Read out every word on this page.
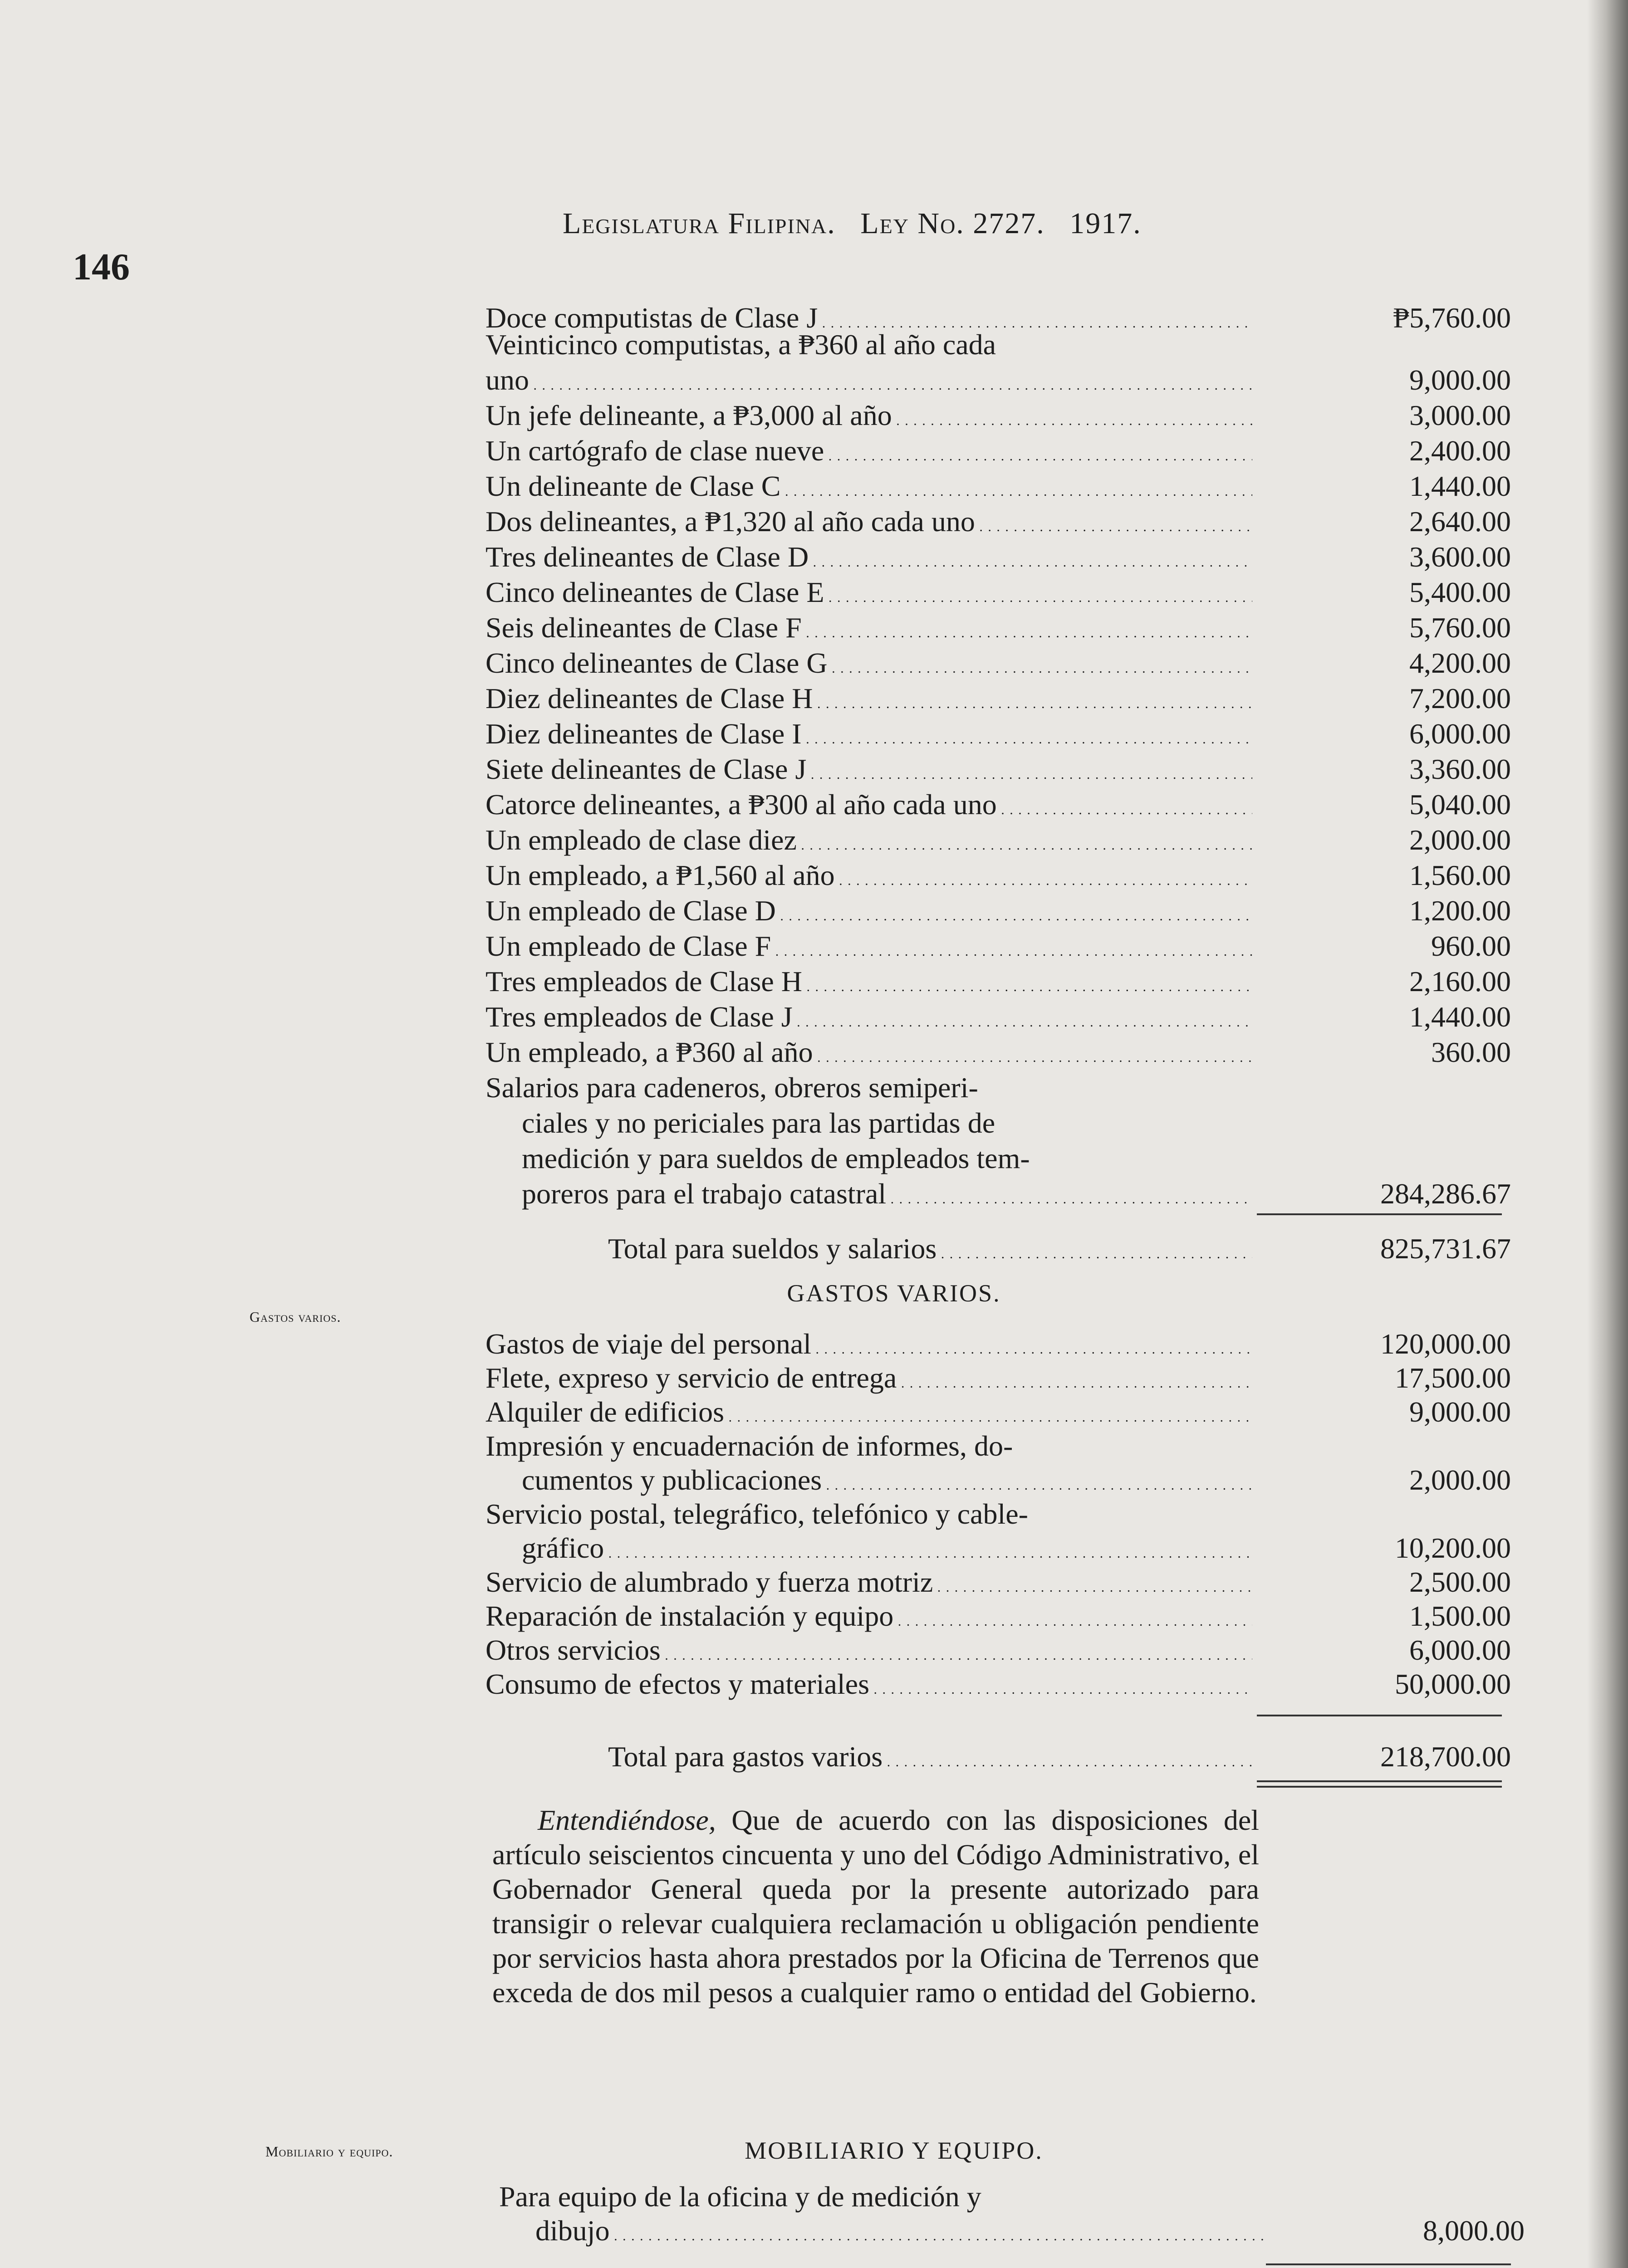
146
Legislatura Filipina. Ley No. 2727. 1917.
Doce computistas de Clase J . . .	₱5,760.00
Veinticinco computistas, a ₱360 al año cada
uno . . .	9,000.00
Un jefe delineante, a ₱3,000 al año . . .	3,000.00
Un cartógrafo de clase nueve . . .	2,400.00
Un delineante de Clase C . . .	1,440.00
Dos delineantes, a ₱1,320 al año cada uno . . .	2,640.00
Tres delineantes de Clase D . . .	3,600.00
Cinco delineantes de Clase E . . .	5,400.00
Seis delineantes de Clase F . . .	5,760.00
Cinco delineantes de Clase G . . .	4,200.00
Diez delineantes de Clase H . . .	7,200.00
Diez delineantes de Clase I . . .	6,000.00
Siete delineantes de Clase J . . .	3,360.00
Catorce delineantes, a ₱300 al año cada uno . . .	5,040.00
Un empleado de clase diez . . .	2,000.00
Un empleado, a ₱1,560 al año . . .	1,560.00
Un empleado de Clase D . . .	1,200.00
Un empleado de Clase F . . .	960.00
Tres empleados de Clase H . . .	2,160.00
Tres empleados de Clase J . . .	1,440.00
Un empleado, a ₱360 al año . . .	360.00
Salarios para cadeneros, obreros semiperi-
ciales y no periciales para las partidas de
medición y para sueldos de empleados tem-
poreros para el trabajo catastral . . .	284,286.67
Total para sueldos y salarios . . .	825,731.67
Gastos varios.
GASTOS VARIOS.
Gastos de viaje del personal . . .	120,000.00
Flete, expreso y servicio de entrega . . .	17,500.00
Alquiler de edificios . . .	9,000.00
Impresión y encuadernación de informes, do-
cumentos y publicaciones . . .	2,000.00
Servicio postal, telegráfico, telefónico y cable-
gráfico . . .	10,200.00
Servicio de alumbrado y fuerza motriz . . .	2,500.00
Reparación de instalación y equipo . . .	1,500.00
Otros servicios . . .	6,000.00
Consumo de efectos y materiales . . .	50,000.00
Total para gastos varios . . .	218,700.00
Entendiéndose, Que de acuerdo con las disposiciones del artículo seiscientos cincuenta y uno del Código Administrativo, el Gobernador General queda por la presente autorizado para transigir o relevar cualquiera reclamación u obligación pendiente por servicios hasta ahora prestados por la Oficina de Terrenos que exceda de dos mil pesos a cualquier ramo o entidad del Gobierno.
Mobiliario y equipo.	MOBILIARIO Y EQUIPO.
Para equipo de la oficina y de medición y
dibujo . . .	8,000.00
